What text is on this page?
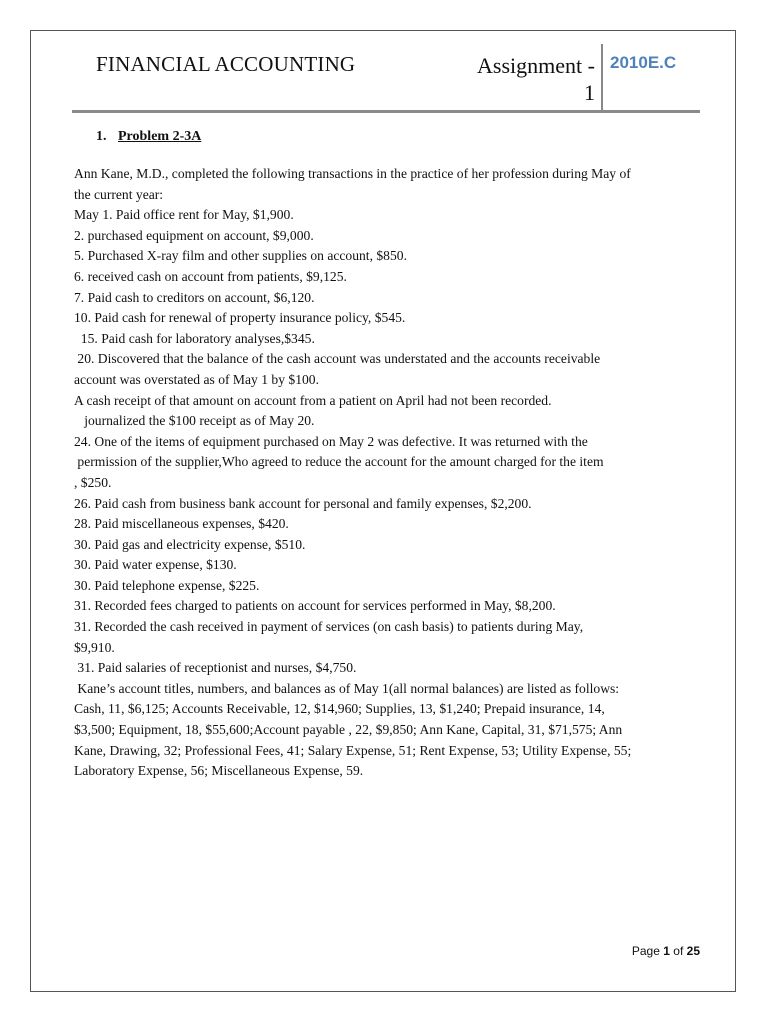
FINANCIAL ACCOUNTING	Assignment -
1
2010E.C
1. Problem 2-3A

Ann Kane, M.D., completed the following transactions in the practice of her profession during May of

the current year:

May 1. Paid office rent for May, $1,900.

2. purchased equipment on account, $9,000.

5. Purchased X-ray film and other supplies on account, $850.

6. received cash on account from patients, $9,125.

7. Paid cash to creditors on account, $6,120.

10. Paid cash for renewal of property insurance policy, $545.

15. Paid cash for laboratory analyses,$345.

20. Discovered that the balance of the cash account was understated and the accounts receivable

account was overstated as of May 1 by $100.

A cash receipt of that amount on account from a patient on April had not been recorded.

journalized the $100 receipt as of May 20.

24. One of the items of equipment purchased on May 2 was defective. It was returned with the

permission of the supplier,Who agreed to reduce the account for the amount charged for the item

, $250.

26. Paid cash from business bank account for personal and family expenses, $2,200.

28. Paid miscellaneous expenses, $420.

30. Paid gas and electricity expense, $510.

30. Paid water expense, $130.

30. Paid telephone expense, $225.

31. Recorded fees charged to patients on account for services performed in May, $8,200.

31. Recorded the cash received in payment of services (on cash basis) to patients during May,

$9,910.

31. Paid salaries of receptionist and nurses, $4,750.

Kane’s account titles, numbers, and balances as of May 1(all normal balances) are listed as follows:

Cash, 11, $6,125; Accounts Receivable, 12, $14,960; Supplies, 13, $1,240; Prepaid insurance, 14,

$3,500; Equipment, 18, $55,600;Account payable , 22, $9,850; Ann Kane, Capital, 31, $71,575; Ann

Kane, Drawing, 32; Professional Fees, 41; Salary Expense, 51; Rent Expense, 53; Utility Expense, 55;

Laboratory Expense, 56; Miscellaneous Expense, 59.

Page 1 of 25
